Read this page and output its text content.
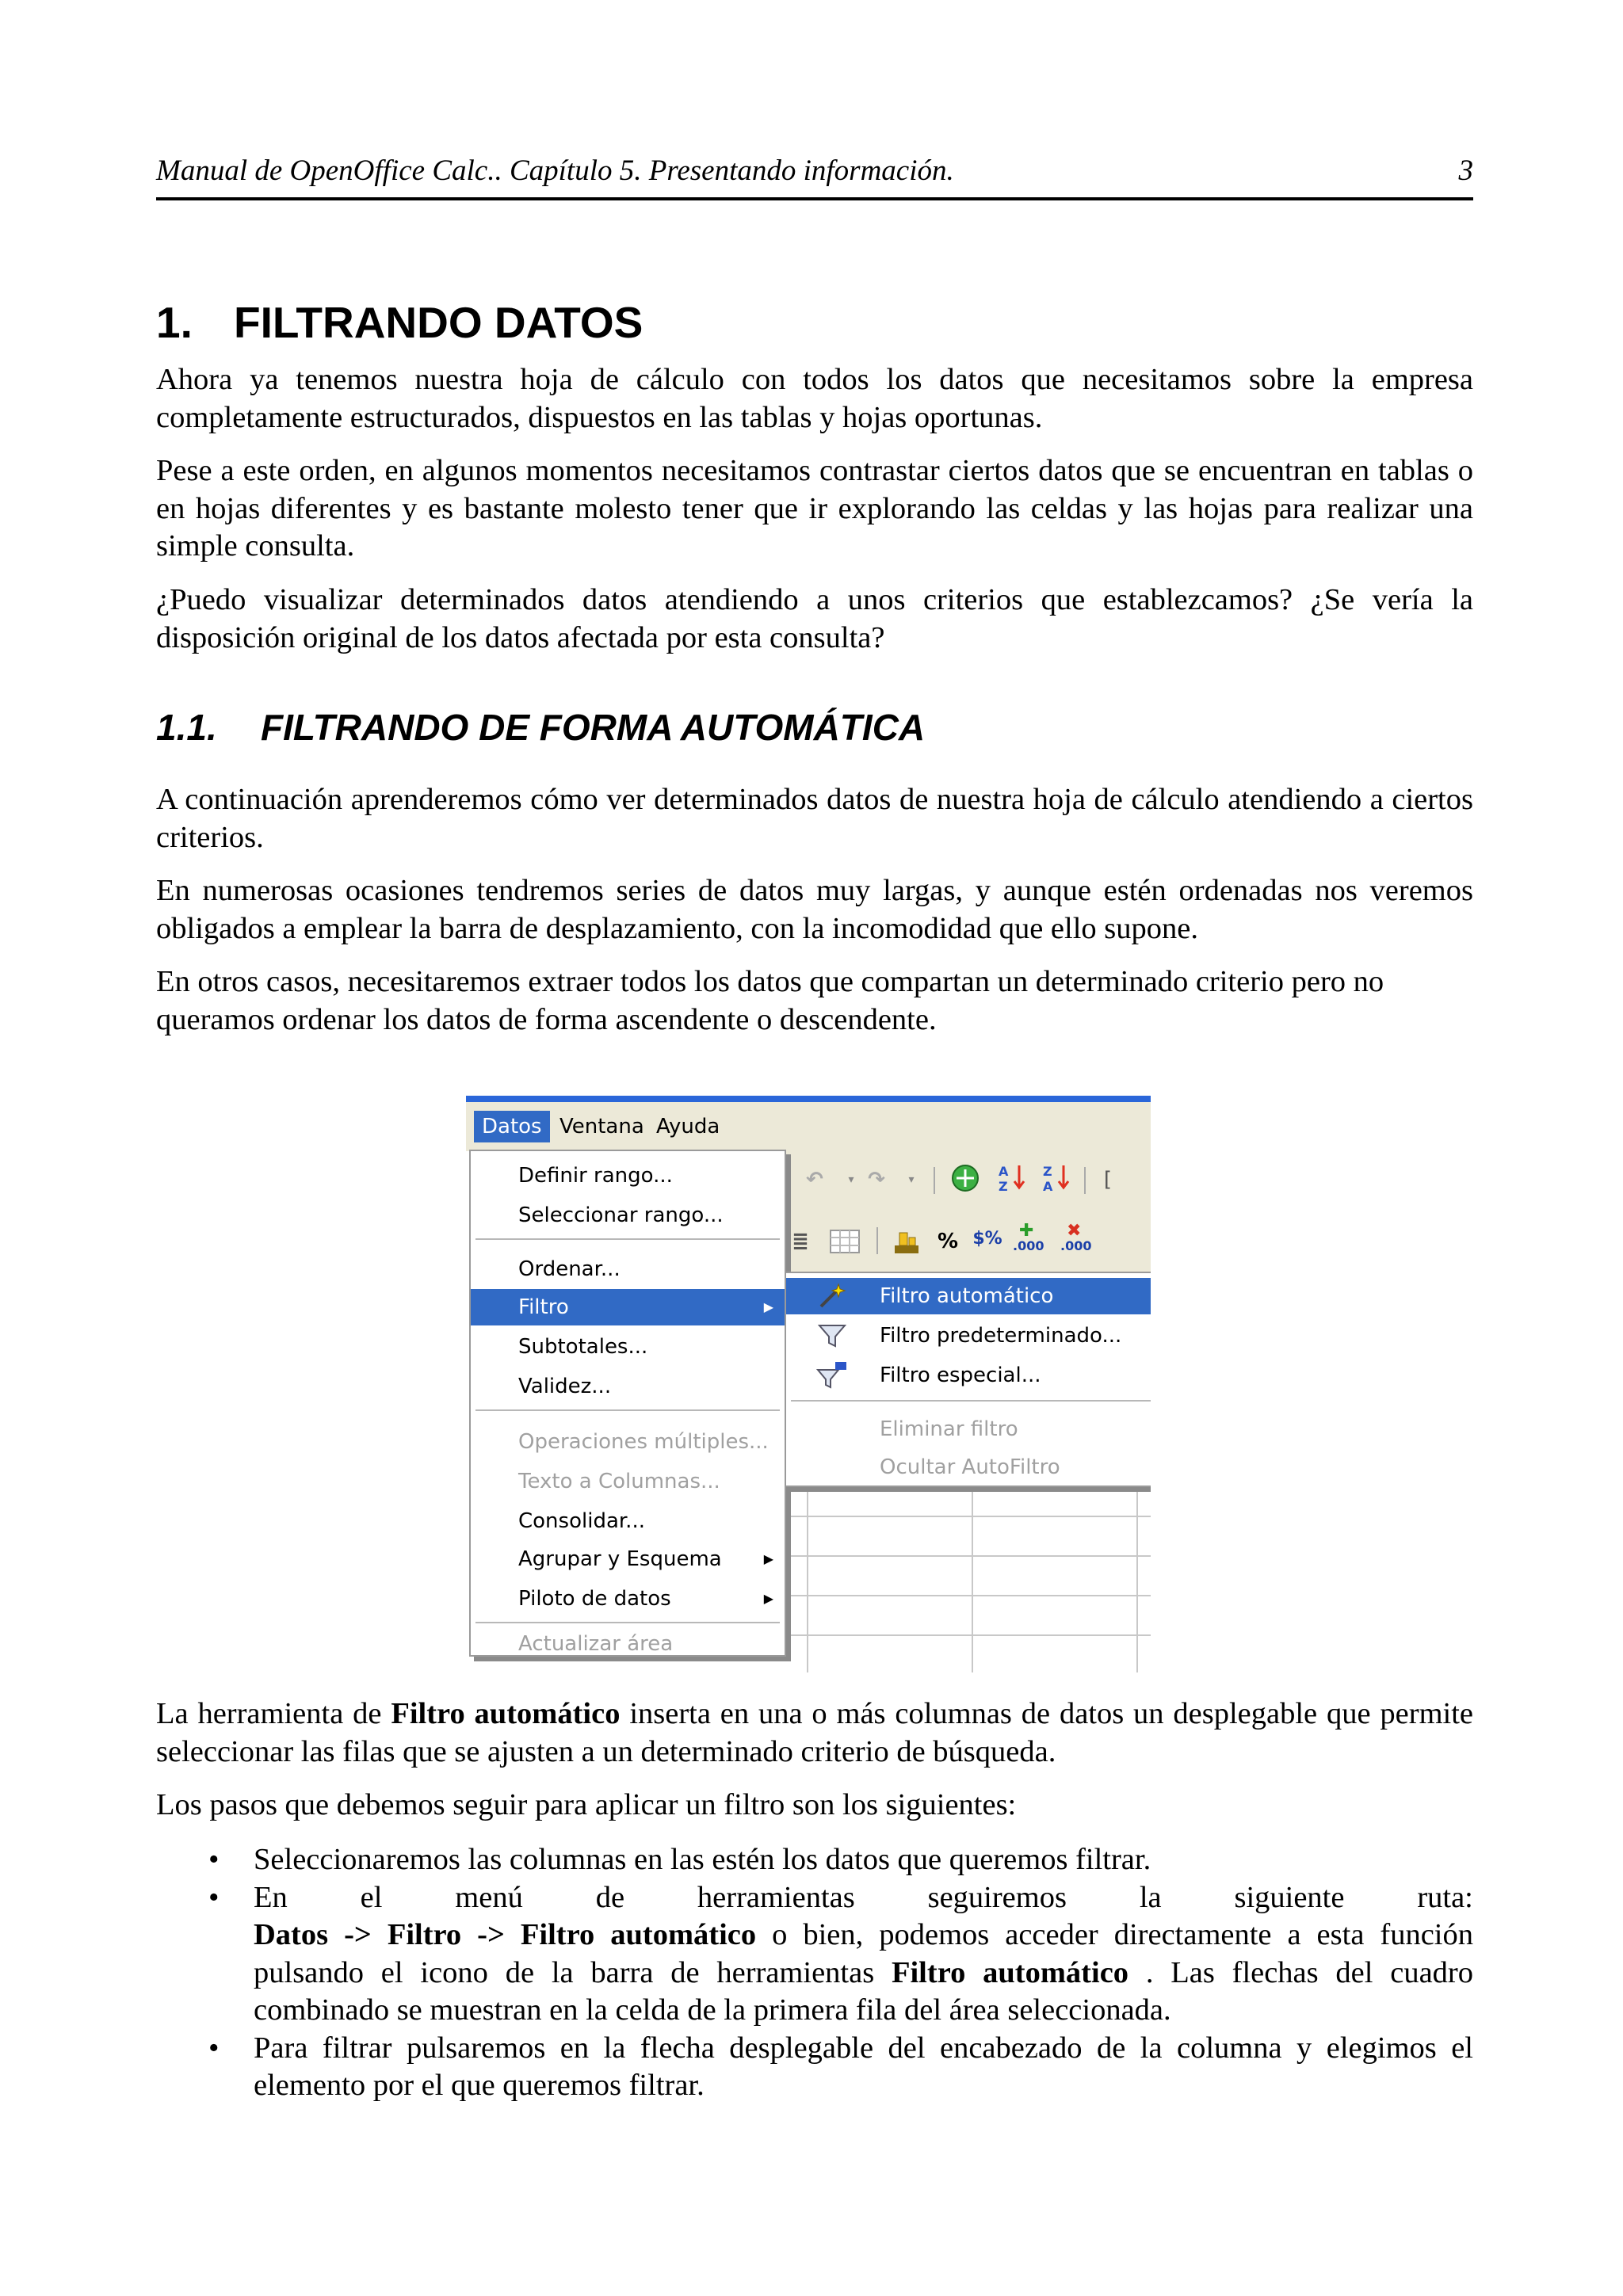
Manual de OpenOffice Calc.. Capítulo 5. Presentando información.	3
1. FILTRANDO DATOS

Ahora ya tenemos nuestra hoja de cálculo con todos los datos que necesitamos sobre la empresa completamente estructurados, dispuestos en las tablas y hojas oportunas.

Pese a este orden, en algunos momentos necesitamos contrastar ciertos datos que se encuentran en tablas o en hojas diferentes y es bastante molesto tener que ir explorando las celdas y las hojas para realizar una simple consulta.

¿Puedo visualizar determinados datos atendiendo a unos criterios que establezcamos? ¿Se vería la disposición original de los datos afectada por esta consulta?

1.1. FILTRANDO DE FORMA AUTOMÁTICA

A continuación aprenderemos cómo ver determinados datos de nuestra hoja de cálculo atendiendo a ciertos criterios.

En numerosas ocasiones tendremos series de datos muy largas, y aunque estén ordenadas nos veremos obligados a emplear la barra de desplazamiento, con la incomodidad que ello supone.

En otros casos, necesitaremos extraer todos los datos que compartan un determinado criterio pero no queramos ordenar los datos de forma ascendente o descendente.

Datos Ventana Ayuda
↶	▾ ↷	▾
A
Z
Z
A	[
≣	% $% ✚
.000
✖
.000
Definir rango...
Seleccionar rango...
Ordenar...
Filtro	▶
Subtotales...
Validez...
Operaciones múltiples...
Texto a Columnas...
Consolidar...
Agrupar y Esquema	▶
Piloto de datos	▶
Actualizar área
Filtro automático
Filtro predeterminado...
Filtro especial...
Eliminar filtro
Ocultar AutoFiltro

La herramienta de Filtro automático inserta en una o más columnas de datos un desplegable que permite seleccionar las filas que se ajusten a un determinado criterio de búsqueda.

Los pasos que debemos seguir para aplicar un filtro son los siguientes:

• Seleccionaremos las columnas en las estén los datos que queremos filtrar.
• En el menú de herramientas seguiremos la siguiente ruta:
Datos -> Filtro -> Filtro automático o bien, podemos acceder directamente a esta función pulsando el icono de la barra de herramientas Filtro automático . Las flechas del cuadro combinado se muestran en la celda de la primera fila del área seleccionada.
• Para filtrar pulsaremos en la flecha desplegable del encabezado de la columna y elegimos el elemento por el que queremos filtrar.
